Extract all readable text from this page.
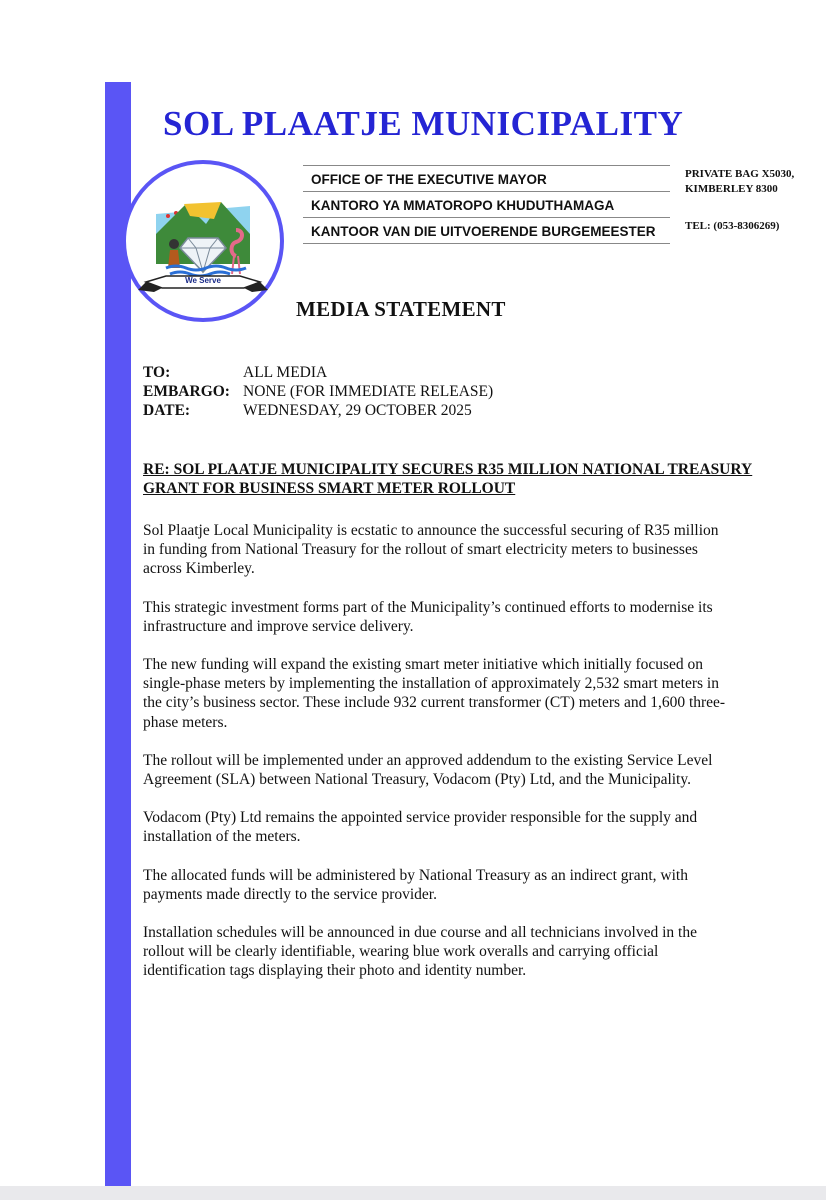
SOL PLAATJE MUNICIPALITY
We Serve
OFFICE OF THE EXECUTIVE MAYOR
KANTORO YA MMATOROPO KHUDUTHAMAGA
KANTOOR VAN DIE UITVOERENDE BURGEMEESTER
PRIVATE BAG X5030,
KIMBERLEY 8300
TEL: (053-8306269)
MEDIA STATEMENT
TO:	ALL MEDIA
EMBARGO: NONE (FOR IMMEDIATE RELEASE)
DATE:	WEDNESDAY, 29 OCTOBER 2025
RE: SOL PLAATJE MUNICIPALITY SECURES R35 MILLION NATIONAL TREASURY GRANT FOR BUSINESS SMART METER ROLLOUT

Sol Plaatje Local Municipality is ecstatic to announce the successful securing of R35 million in funding from National Treasury for the rollout of smart electricity meters to businesses across Kimberley.

This strategic investment forms part of the Municipality’s continued efforts to modernise its infrastructure and improve service delivery.

The new funding will expand the existing smart meter initiative which initially focused on single-phase meters by implementing the installation of approximately 2,532 smart meters in the city’s business sector. These include 932 current transformer (CT) meters and 1,600 three-phase meters.

The rollout will be implemented under an approved addendum to the existing Service Level Agreement (SLA) between National Treasury, Vodacom (Pty) Ltd, and the Municipality.

Vodacom (Pty) Ltd remains the appointed service provider responsible for the supply and installation of the meters.

The allocated funds will be administered by National Treasury as an indirect grant, with payments made directly to the service provider.

Installation schedules will be announced in due course and all technicians involved in the rollout will be clearly identifiable, wearing blue work overalls and carrying official identification tags displaying their photo and identity number.
